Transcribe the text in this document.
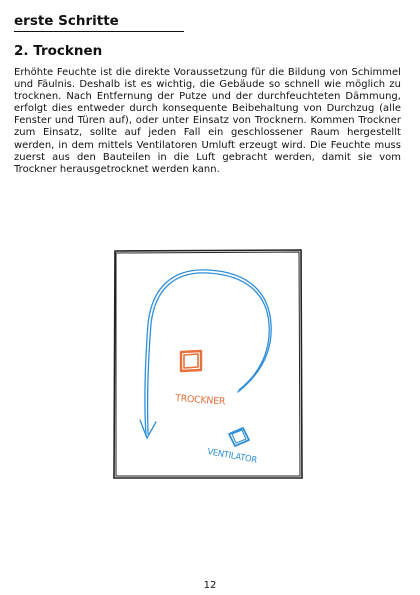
erste Schritte
2. Trocknen

Erhöhte Feuchte ist die direkte Voraussetzung für die Bildung von Schimmel und Fäulnis. Deshalb ist es wichtig, die Gebäude so schnell wie möglich zu trocknen. Nach Entfernung der Putze und der durchfeuchteten Dämmung, erfolgt dies entweder durch konsequente Beibehaltung von Durchzug (alle Fenster und Türen auf), oder unter Einsatz von Trocknern. Kommen Trockner zum Einsatz, sollte auf jeden Fall ein geschlossener Raum hergestellt werden, in dem mittels Ventilatoren Umluft erzeugt wird. Die Feuchte muss zuerst aus den Bauteilen in die Luft gebracht werden, damit sie vom Trockner herausgetrocknet werden kann.

TROCKNER
VENTILATOR
12
